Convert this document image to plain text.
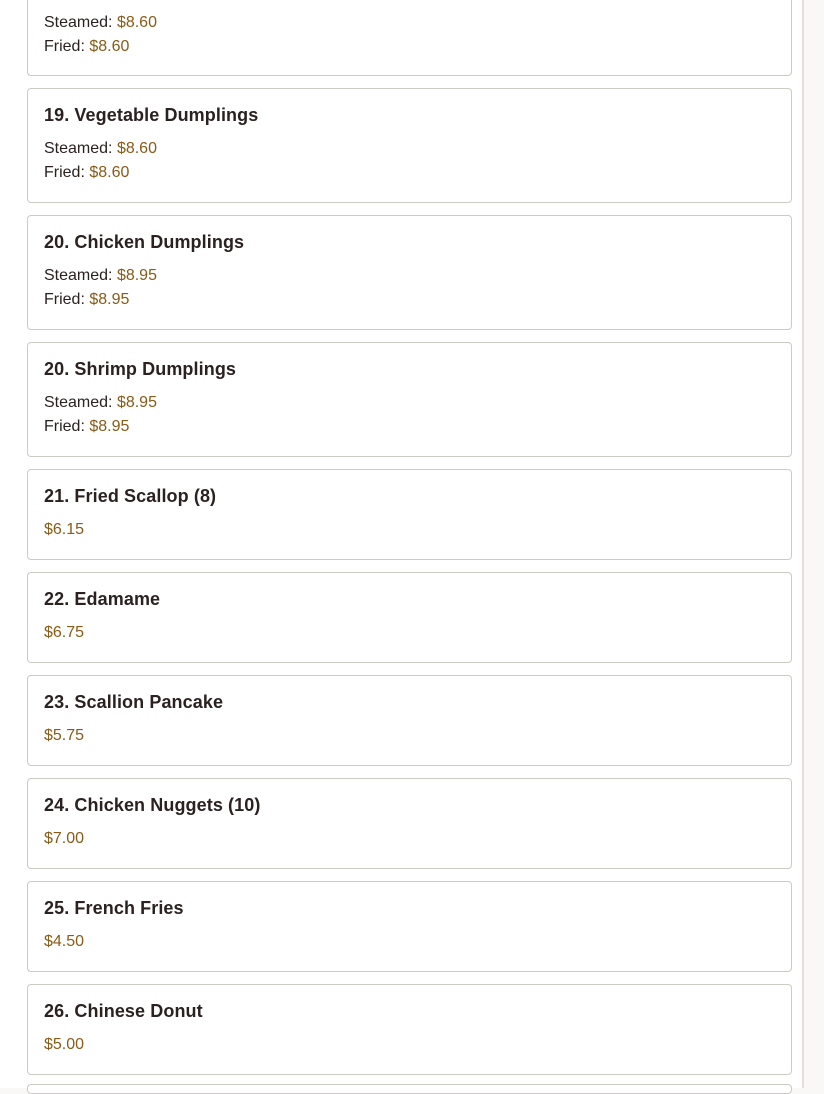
Steamed: $8.60

Fried: $8.60

19. Vegetable Dumplings

Steamed: $8.60

Fried: $8.60

20. Chicken Dumplings

Steamed: $8.95

Fried: $8.95

20. Shrimp Dumplings

Steamed: $8.95

Fried: $8.95

21. Fried Scallop (8)
$6.15
22. Edamame
$6.75
23. Scallion Pancake
$5.75
24. Chicken Nuggets (10)
$7.00
25. French Fries
$4.50
26. Chinese Donut
$5.00
